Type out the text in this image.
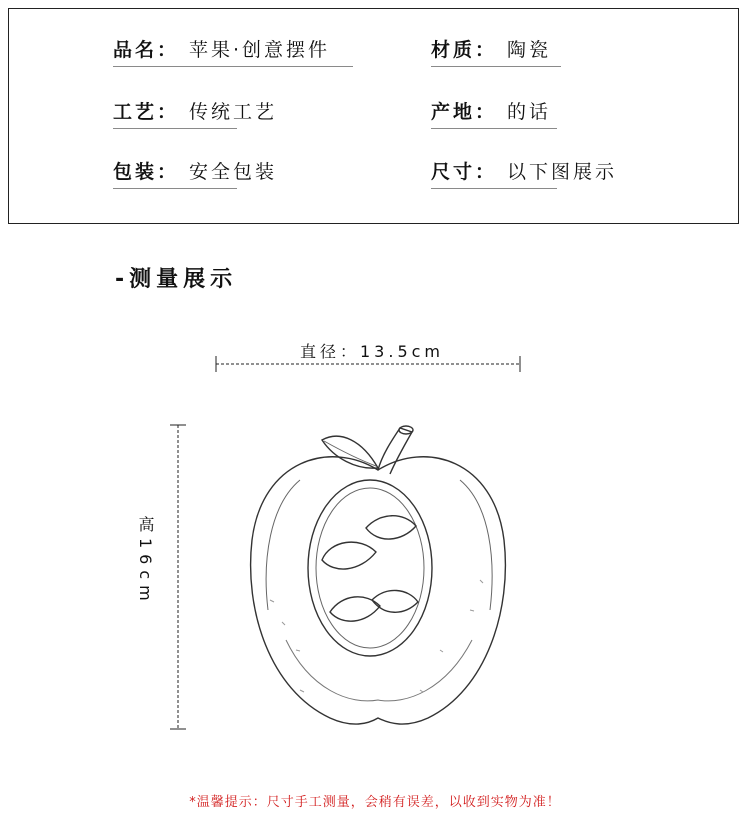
品名： 苹果·创意摆件	材质： 陶瓷
工艺： 传统工艺	产地： 的话
包装： 安全包装	尺寸： 以下图展示
-测量展示
直径：13.5cm
高16cm
*温馨提示：尺寸手工测量，会稍有误差，以收到实物为准！
